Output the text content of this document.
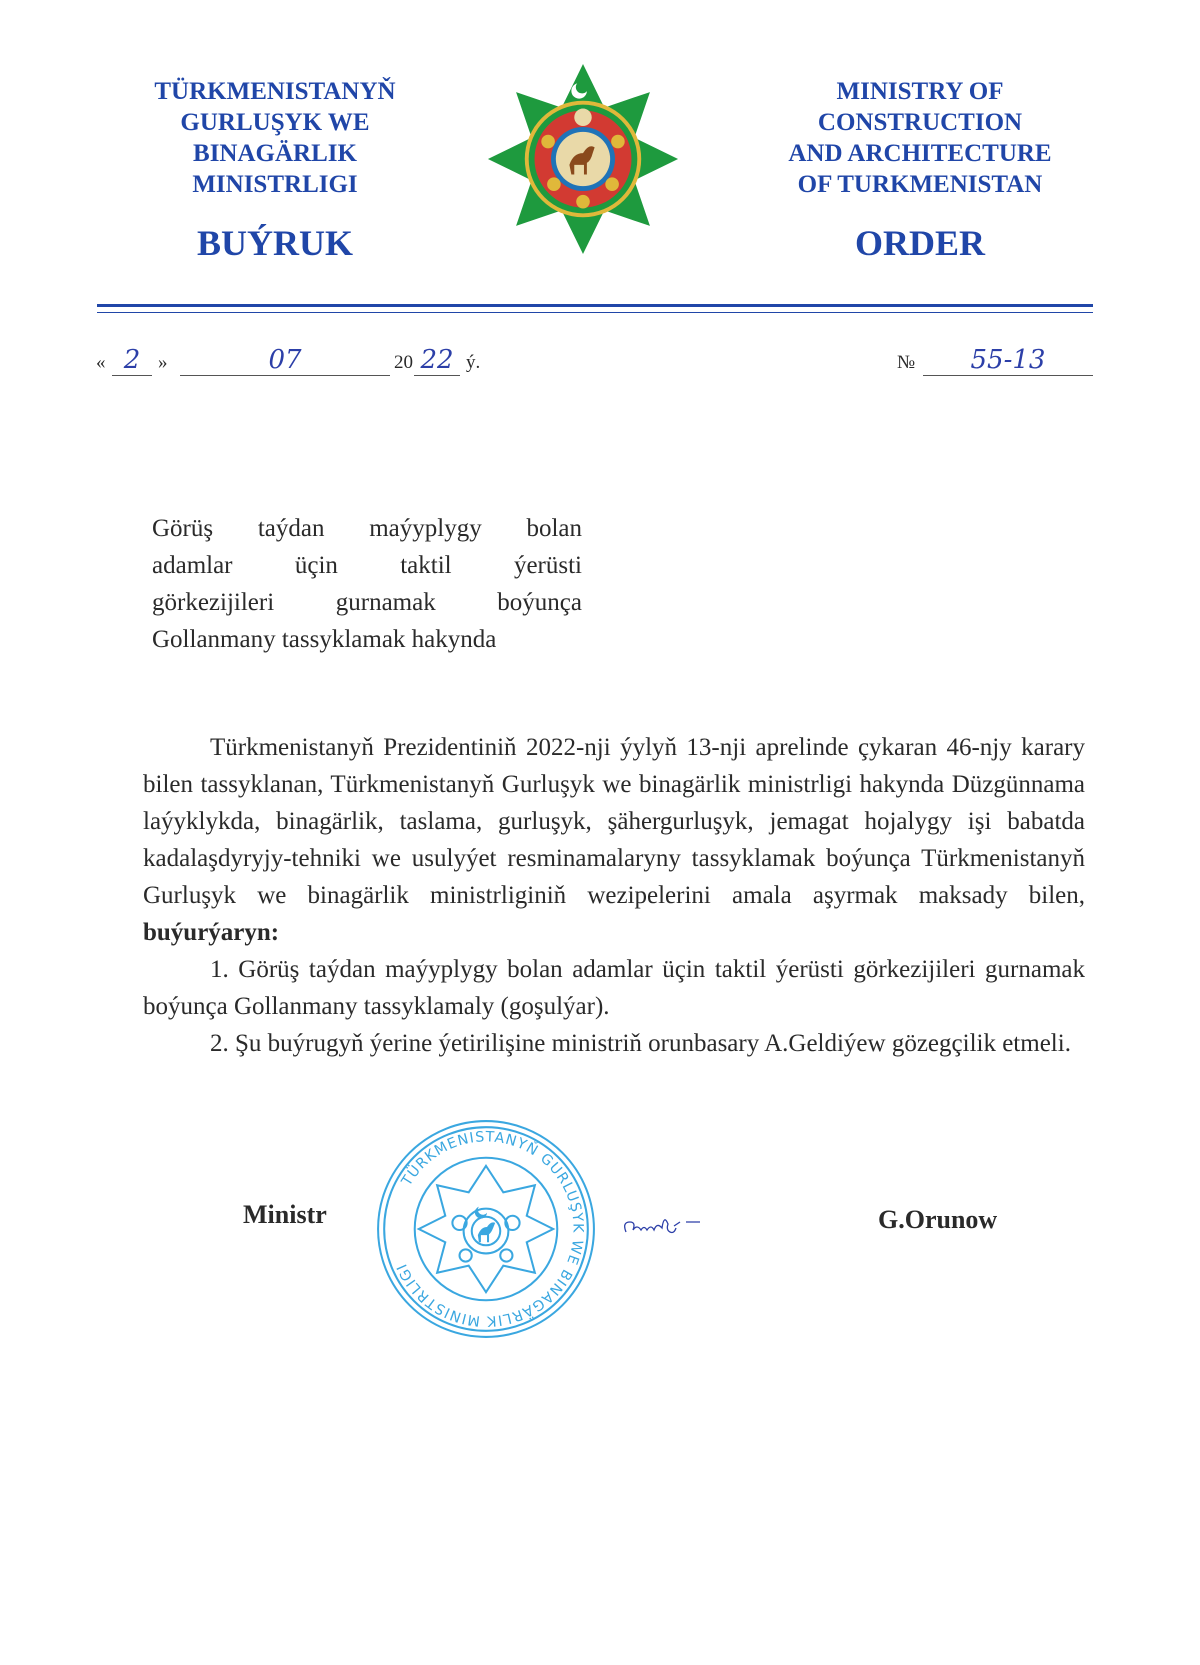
TÜRKMENISTANYŇ
GURLUŞYK WE
BINAGÄRLIK
MINISTRLIGI
BUÝRUK
MINISTRY OF
CONSTRUCTION
AND ARCHITECTURE
OF TURKMENISTAN
ORDER
« 2 »	07	20 22 ý.	№	55-13
Görüş taýdan maýyplygy bolan
adamlar üçin taktil ýerüsti
görkezijileri gurnamak boýunça
Gollanmany tassyklamak hakynda

Türkmenistanyň Prezidentiniň 2022-nji ýylyň 13-nji aprelinde çykaran 46-njy karary bilen tassyklanan, Türkmenistanyň Gurluşyk we binagärlik ministrligi hakynda Düzgünnama laýyklykda, binagärlik, taslama, gurluşyk, şähergurluşyk, jemagat hojalygy işi babatda kadalaşdyryjy-tehniki we usulyýet resminamalaryny tassyklamak boýunça Türkmenistanyň Gurluşyk we binagärlik ministrliginiň wezipelerini amala aşyrmak maksady bilen, buýurýaryn:

1. Görüş taýdan maýyplygy bolan adamlar üçin taktil ýerüsti görkezijileri gurnamak boýunça Gollanmany tassyklamaly (goşulýar).

2. Şu buýrugyň ýerine ýetirilişine ministriň orunbasary A.Geldiýew gözegçilik etmeli.

Ministr
TÜRKMENISTANYŇ GURLUŞYK WE BINAGÄRLIK MINISTRLIGI
G.Orunow
